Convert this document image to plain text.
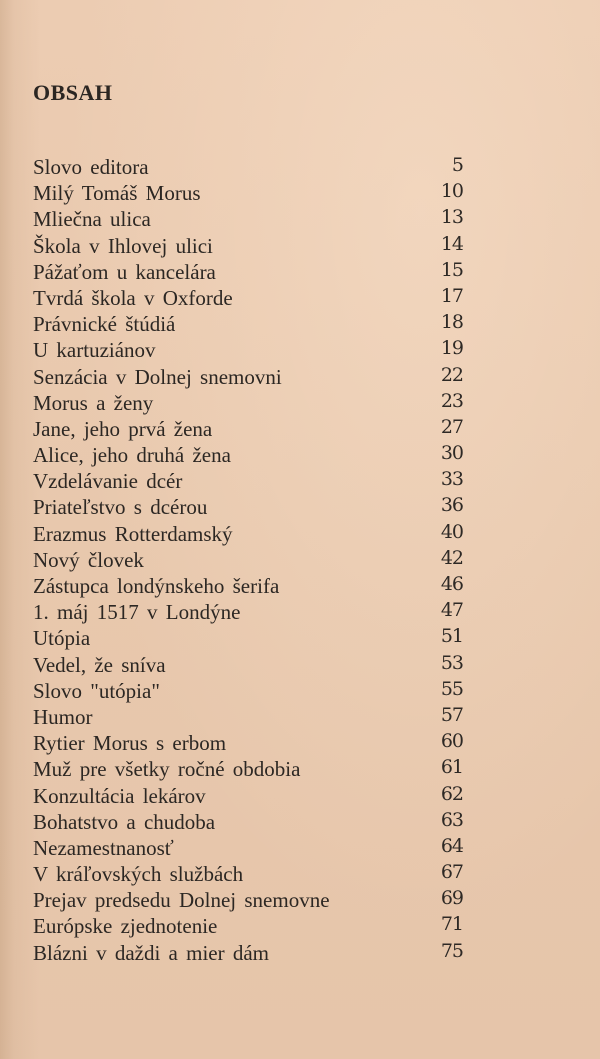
OBSAH
Slovo editora	5
Milý Tomáš Morus	10
Mliečna ulica	13
Škola v Ihlovej ulici	14
Pážaťom u kancelára	15
Tvrdá škola v Oxforde	17
Právnické štúdiá	18
U kartuziánov	19
Senzácia v Dolnej snemovni	22
Morus a ženy	23
Jane, jeho prvá žena	27
Alice, jeho druhá žena	30
Vzdelávanie dcér	33
Priateľstvo s dcérou	36
Erazmus Rotterdamský	40
Nový človek	42
Zástupca londýnskeho šerifa	46
1. máj 1517 v Londýne	47
Utópia	51
Vedel, že sníva	53
Slovo "utópia"	55
Humor	57
Rytier Morus s erbom	60
Muž pre všetky ročné obdobia	61
Konzultácia lekárov	62
Bohatstvo a chudoba	63
Nezamestnanosť	64
V kráľovských službách	67
Prejav predsedu Dolnej snemovne	69
Európske zjednotenie	71
Blázni v daždi a mier dám	75
